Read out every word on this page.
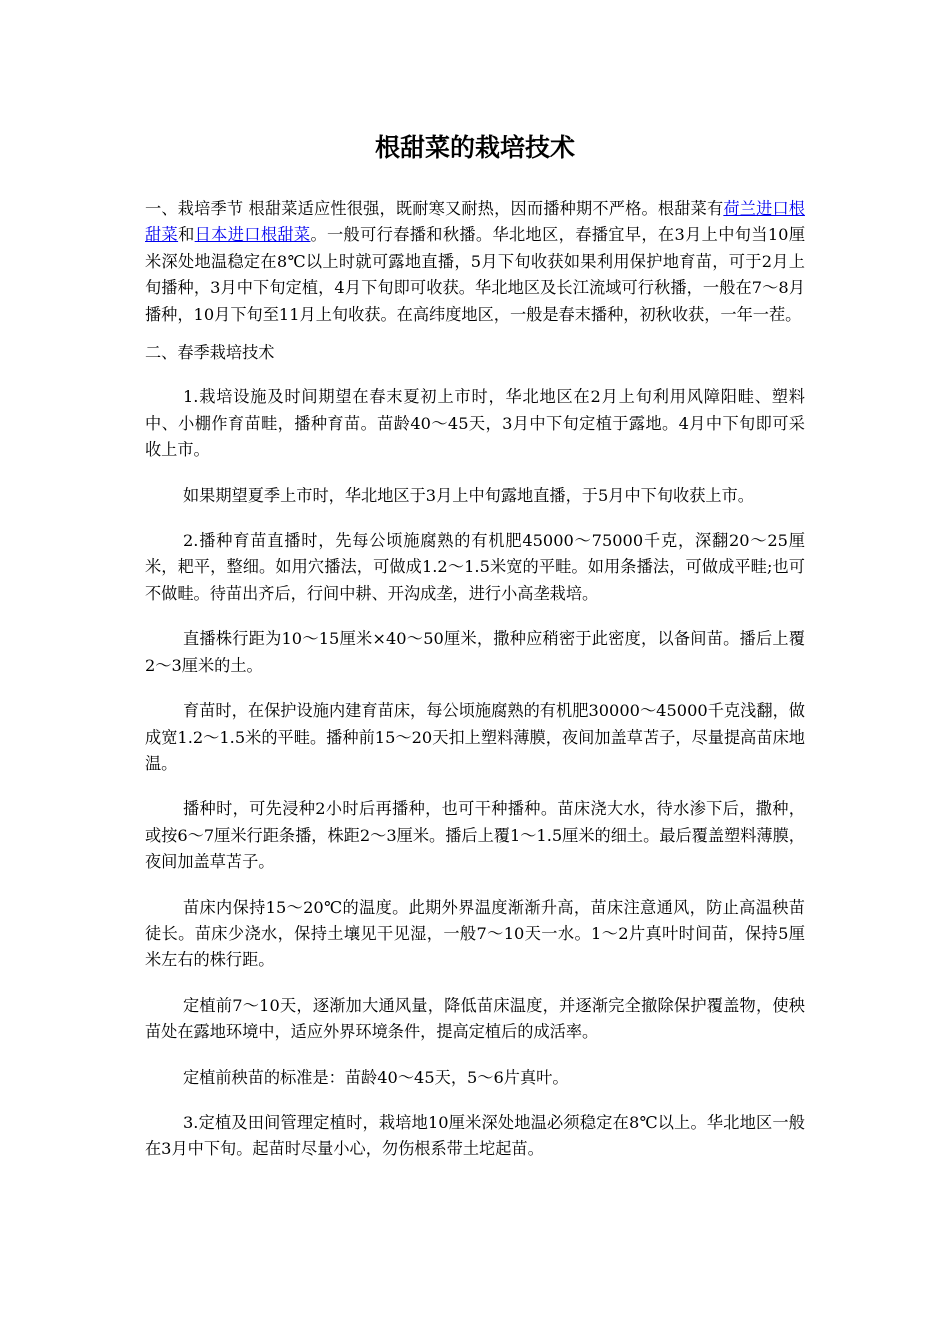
根甜菜的栽培技术

一、栽培季节 根甜菜适应性很强，既耐寒又耐热，因而播种期不严格。根甜菜有荷兰进口根甜菜和日本进口根甜菜。一般可行春播和秋播。华北地区，春播宜早，在3月上中旬当10厘米深处地温稳定在8℃以上时就可露地直播，5月下旬收获如果利用保护地育苗，可于2月上旬播种，3月中下旬定植，4月下旬即可收获。华北地区及长江流域可行秋播，一般在7～8月播种，10月下旬至11月上旬收获。在高纬度地区，一般是春末播种，初秋收获，一年一茬。

二、春季栽培技术

1.栽培设施及时间期望在春末夏初上市时，华北地区在2月上旬利用风障阳畦、塑料中、小棚作育苗畦，播种育苗。苗龄40～45天，3月中下旬定植于露地。4月中下旬即可采收上市。

如果期望夏季上市时，华北地区于3月上中旬露地直播，于5月中下旬收获上市。

2.播种育苗直播时，先每公顷施腐熟的有机肥45000～75000千克，深翻20～25厘米，耙平，整细。如用穴播法，可做成1.2～1.5米宽的平畦。如用条播法，可做成平畦;也可不做畦。待苗出齐后，行间中耕、开沟成垄，进行小高垄栽培。

直播株行距为10～15厘米×40～50厘米，撒种应稍密于此密度，以备间苗。播后上覆2～3厘米的土。

育苗时，在保护设施内建育苗床，每公顷施腐熟的有机肥30000～45000千克浅翻，做成宽1.2～1.5米的平畦。播种前15～20天扣上塑料薄膜，夜间加盖草苫子，尽量提高苗床地温。

播种时，可先浸种2小时后再播种，也可干种播种。苗床浇大水，待水渗下后，撒种，或按6～7厘米行距条播，株距2～3厘米。播后上覆1～1.5厘米的细土。最后覆盖塑料薄膜，夜间加盖草苫子。

苗床内保持15～20℃的温度。此期外界温度渐渐升高，苗床注意通风，防止高温秧苗徒长。苗床少浇水，保持土壤见干见湿，一般7～10天一水。1～2片真叶时间苗，保持5厘米左右的株行距。

定植前7～10天，逐渐加大通风量，降低苗床温度，并逐渐完全撤除保护覆盖物，使秧苗处在露地环境中，适应外界环境条件，提高定植后的成活率。

定植前秧苗的标准是：苗龄40～45天，5～6片真叶。

3.定植及田间管理定植时，栽培地10厘米深处地温必须稳定在8℃以上。华北地区一般在3月中下旬。起苗时尽量小心，勿伤根系带土坨起苗。
